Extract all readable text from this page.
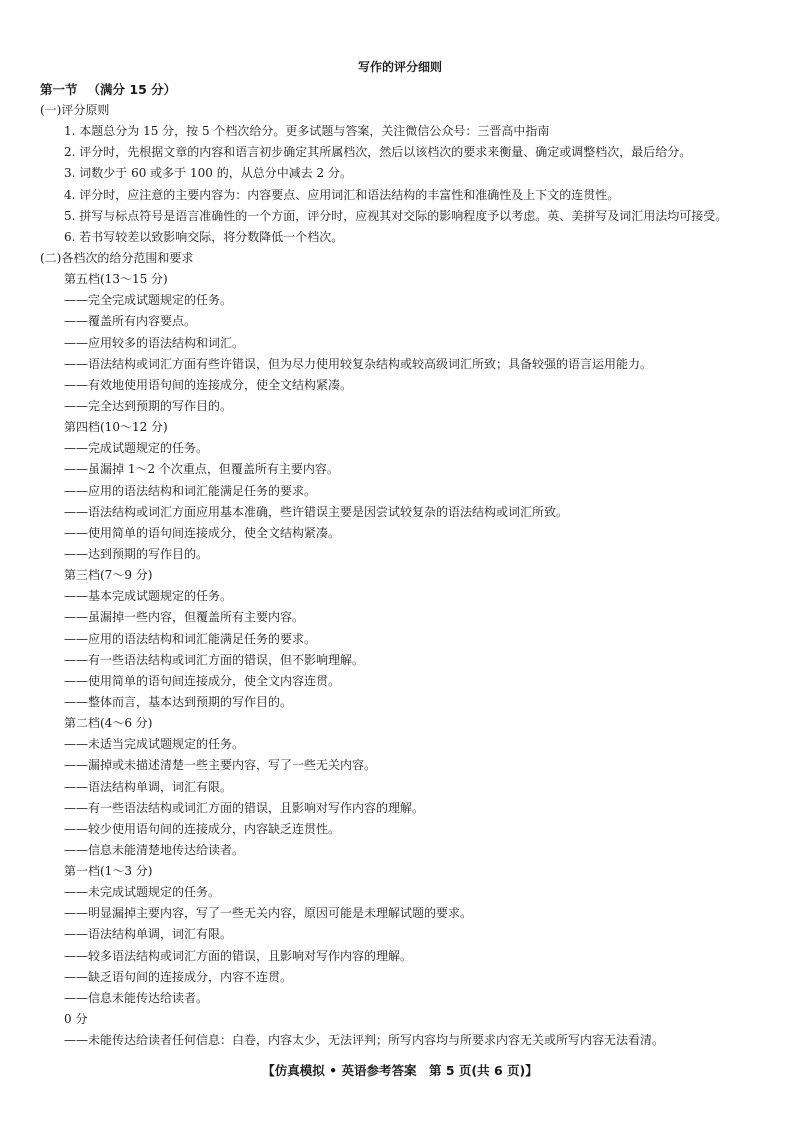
写作的评分细则
第一节 （满分 15 分）
(一)评分原则
1. 本题总分为 15 分，按 5 个档次给分。更多试题与答案，关注微信公众号：三晋高中指南
2. 评分时，先根据文章的内容和语言初步确定其所属档次，然后以该档次的要求来衡量、确定或调整档次，最后给分。
3. 词数少于 60 或多于 100 的，从总分中减去 2 分。
4. 评分时，应注意的主要内容为：内容要点、应用词汇和语法结构的丰富性和准确性及上下文的连贯性。
5. 拼写与标点符号是语言准确性的一个方面，评分时，应视其对交际的影响程度予以考虑。英、美拼写及词汇用法均可接受。
6. 若书写较差以致影响交际，将分数降低一个档次。
(二)各档次的给分范围和要求
第五档(13～15 分)
——完全完成试题规定的任务。
——覆盖所有内容要点。
——应用较多的语法结构和词汇。
——语法结构或词汇方面有些许错误，但为尽力使用较复杂结构或较高级词汇所致；具备较强的语言运用能力。
——有效地使用语句间的连接成分，使全文结构紧凑。
——完全达到预期的写作目的。
第四档(10～12 分)
——完成试题规定的任务。
——虽漏掉 1～2 个次重点，但覆盖所有主要内容。
——应用的语法结构和词汇能满足任务的要求。
——语法结构或词汇方面应用基本准确，些许错误主要是因尝试较复杂的语法结构或词汇所致。
——使用简单的语句间连接成分，使全文结构紧凑。
——达到预期的写作目的。
第三档(7～9 分)
——基本完成试题规定的任务。
——虽漏掉一些内容，但覆盖所有主要内容。
——应用的语法结构和词汇能满足任务的要求。
——有一些语法结构或词汇方面的错误，但不影响理解。
——使用简单的语句间连接成分，使全文内容连贯。
——整体而言，基本达到预期的写作目的。
第二档(4～6 分)
——未适当完成试题规定的任务。
——漏掉或未描述清楚一些主要内容，写了一些无关内容。
——语法结构单调，词汇有限。
——有一些语法结构或词汇方面的错误，且影响对写作内容的理解。
——较少使用语句间的连接成分，内容缺乏连贯性。
——信息未能清楚地传达给读者。
第一档(1～3 分)
——未完成试题规定的任务。
——明显漏掉主要内容，写了一些无关内容，原因可能是未理解试题的要求。
——语法结构单调，词汇有限。
——较多语法结构或词汇方面的错误，且影响对写作内容的理解。
——缺乏语句间的连接成分，内容不连贯。
——信息未能传达给读者。
0 分
——未能传达给读者任何信息：白卷，内容太少，无法评判；所写内容均与所要求内容无关或所写内容无法看清。
【仿真模拟 • 英语参考答案　第 5 页(共 6 页)】
